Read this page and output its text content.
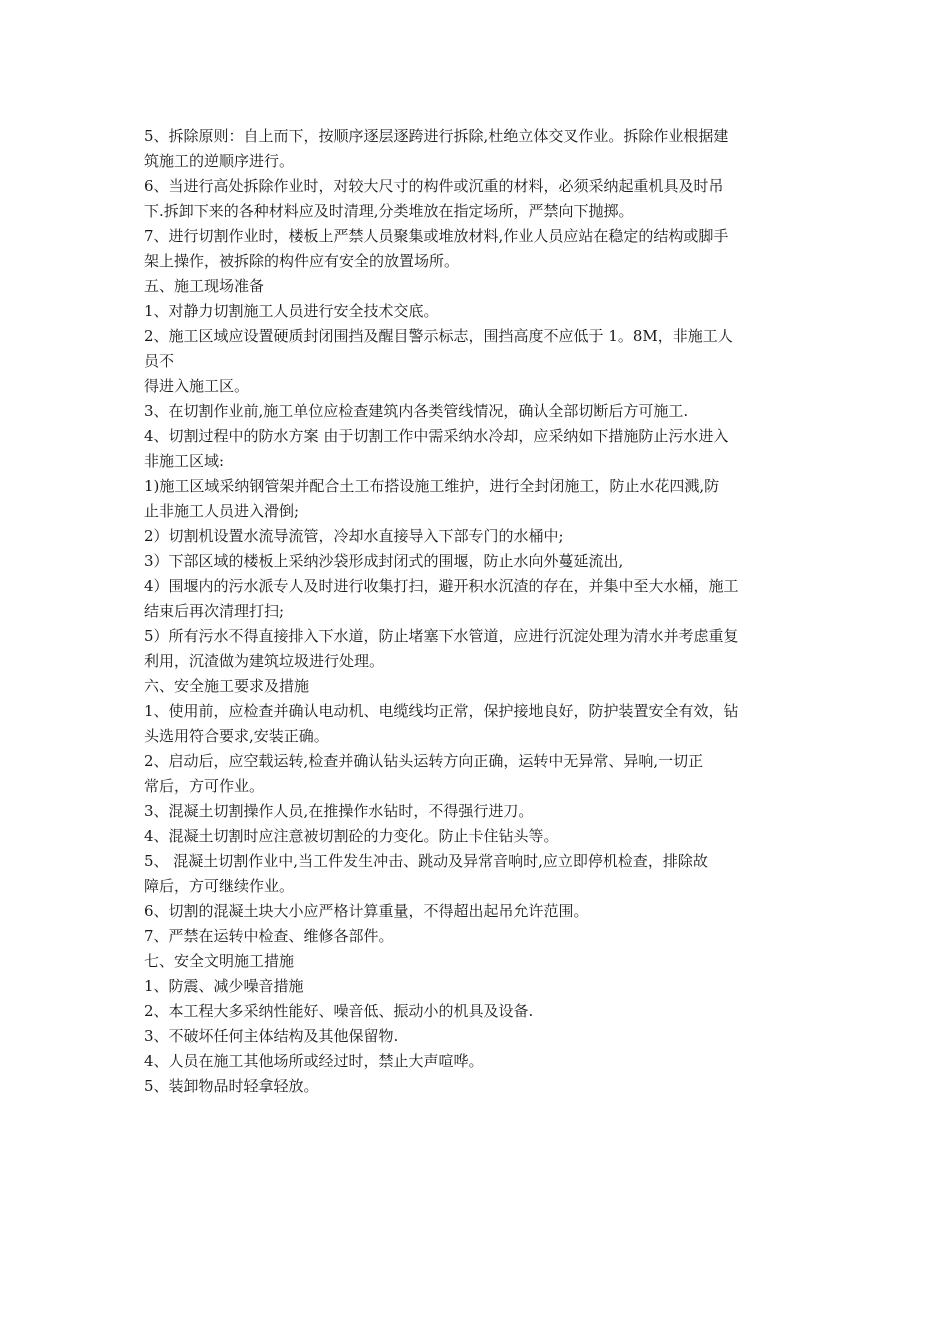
5、拆除原则：自上而下，按顺序逐层逐跨进行拆除,杜绝立体交叉作业。拆除作业根据建
筑施工的逆顺序进行。
6、当进行高处拆除作业时，对较大尺寸的构件或沉重的材料，必须采纳起重机具及时吊
下.拆卸下来的各种材料应及时清理,分类堆放在指定场所，严禁向下抛掷。
7、进行切割作业时，楼板上严禁人员聚集或堆放材料,作业人员应站在稳定的结构或脚手
架上操作，被拆除的构件应有安全的放置场所。
五、施工现场准备
1、对静力切割施工人员进行安全技术交底。
2、施工区域应设置硬质封闭围挡及醒目警示标志，围挡高度不应低于 1。8M，非施工人
员不
得进入施工区。
3、在切割作业前,施工单位应检查建筑内各类管线情况，确认全部切断后方可施工.
4、切割过程中的防水方案 由于切割工作中需采纳水冷却，应采纳如下措施防止污水进入
非施工区域:
1)施工区域采纳钢管架并配合土工布搭设施工维护，进行全封闭施工，防止水花四溅,防
止非施工人员进入滑倒;
2）切割机设置水流导流管，冷却水直接导入下部专门的水桶中;
3）下部区域的楼板上采纳沙袋形成封闭式的围堰，防止水向外蔓延流出,
4）围堰内的污水派专人及时进行收集打扫，避开积水沉渣的存在，并集中至大水桶，施工
结束后再次清理打扫;
5）所有污水不得直接排入下水道，防止堵塞下水管道，应进行沉淀处理为清水并考虑重复
利用，沉渣做为建筑垃圾进行处理。
六、安全施工要求及措施
1、使用前，应检查并确认电动机、电缆线均正常，保护接地良好，防护装置安全有效，钻
头选用符合要求,安装正确。
2、启动后，应空载运转,检查并确认钻头运转方向正确，运转中无异常、异响,一切正
常后，方可作业。
3、混凝土切割操作人员,在推操作水钻时，不得强行进刀。
4、混凝土切割时应注意被切割砼的力变化。防止卡住钻头等。
5、 混凝土切割作业中,当工件发生冲击、跳动及异常音响时,应立即停机检查，排除故
障后，方可继续作业。
6、切割的混凝土块大小应严格计算重量，不得超出起吊允许范围。
7、严禁在运转中检查、维修各部件。
七、安全文明施工措施
1、防震、减少噪音措施
2、本工程大多采纳性能好、噪音低、振动小的机具及设备.
3、不破坏任何主体结构及其他保留物.
4、人员在施工其他场所或经过时，禁止大声喧哗。
5、装卸物品时轻拿轻放。
